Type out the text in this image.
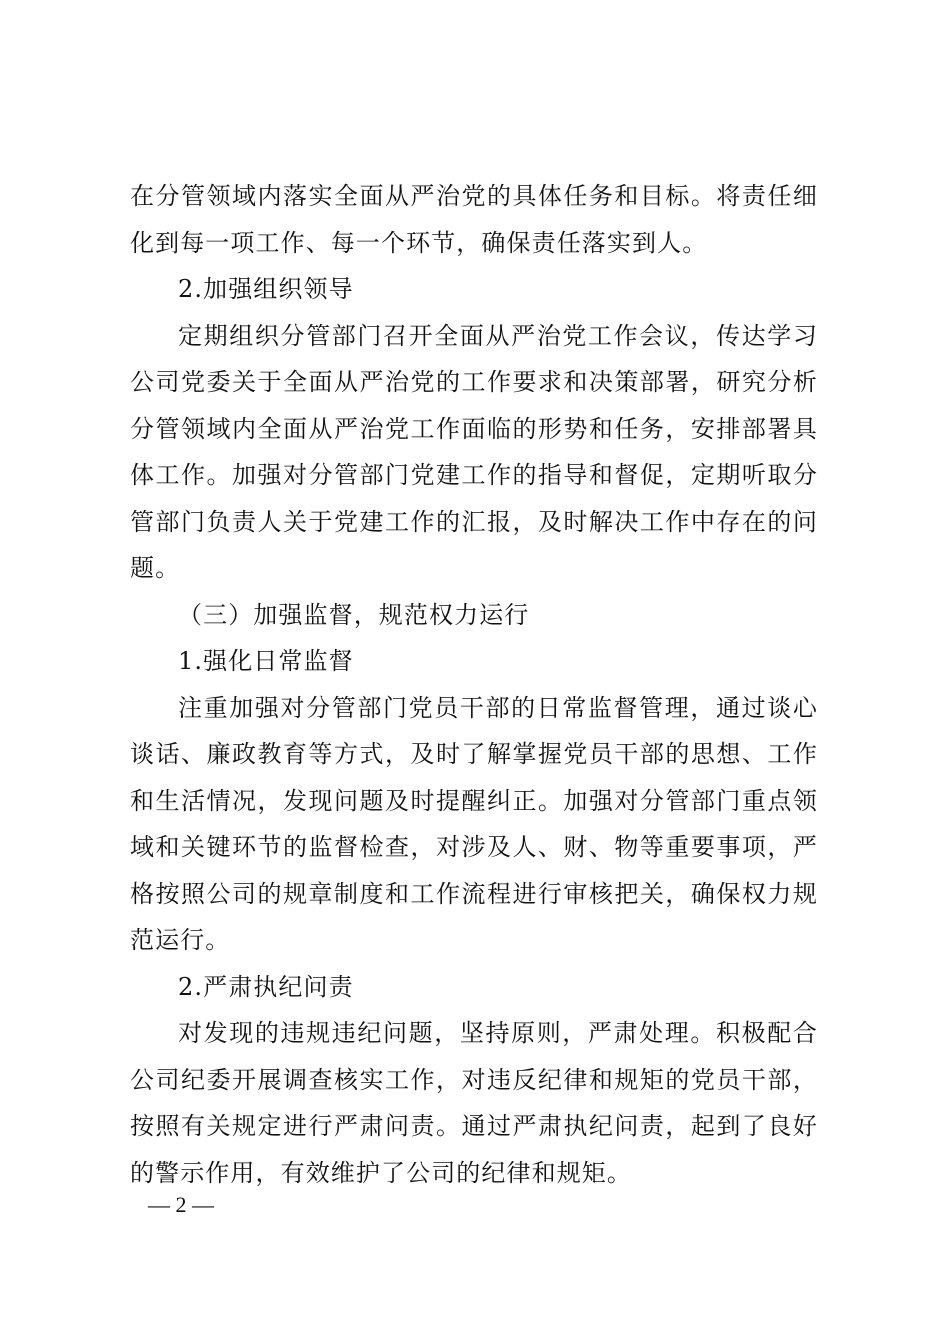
在分管领域内落实全面从严治党的具体任务和目标。将责任细化到每一项工作、每一个环节，确保责任落实到人。

2.加强组织领导

定期组织分管部门召开全面从严治党工作会议，传达学习公司党委关于全面从严治党的工作要求和决策部署，研究分析分管领域内全面从严治党工作面临的形势和任务，安排部署具体工作。加强对分管部门党建工作的指导和督促，定期听取分管部门负责人关于党建工作的汇报，及时解决工作中存在的问题。

（三）加强监督，规范权力运行

1.强化日常监督

注重加强对分管部门党员干部的日常监督管理，通过谈心谈话、廉政教育等方式，及时了解掌握党员干部的思想、工作和生活情况，发现问题及时提醒纠正。加强对分管部门重点领域和关键环节的监督检查，对涉及人、财、物等重要事项，严格按照公司的规章制度和工作流程进行审核把关，确保权力规范运行。

2.严肃执纪问责

对发现的违规违纪问题，坚持原则，严肃处理。积极配合公司纪委开展调查核实工作，对违反纪律和规矩的党员干部，按照有关规定进行严肃问责。通过严肃执纪问责，起到了良好的警示作用，有效维护了公司的纪律和规矩。

— 2 —
